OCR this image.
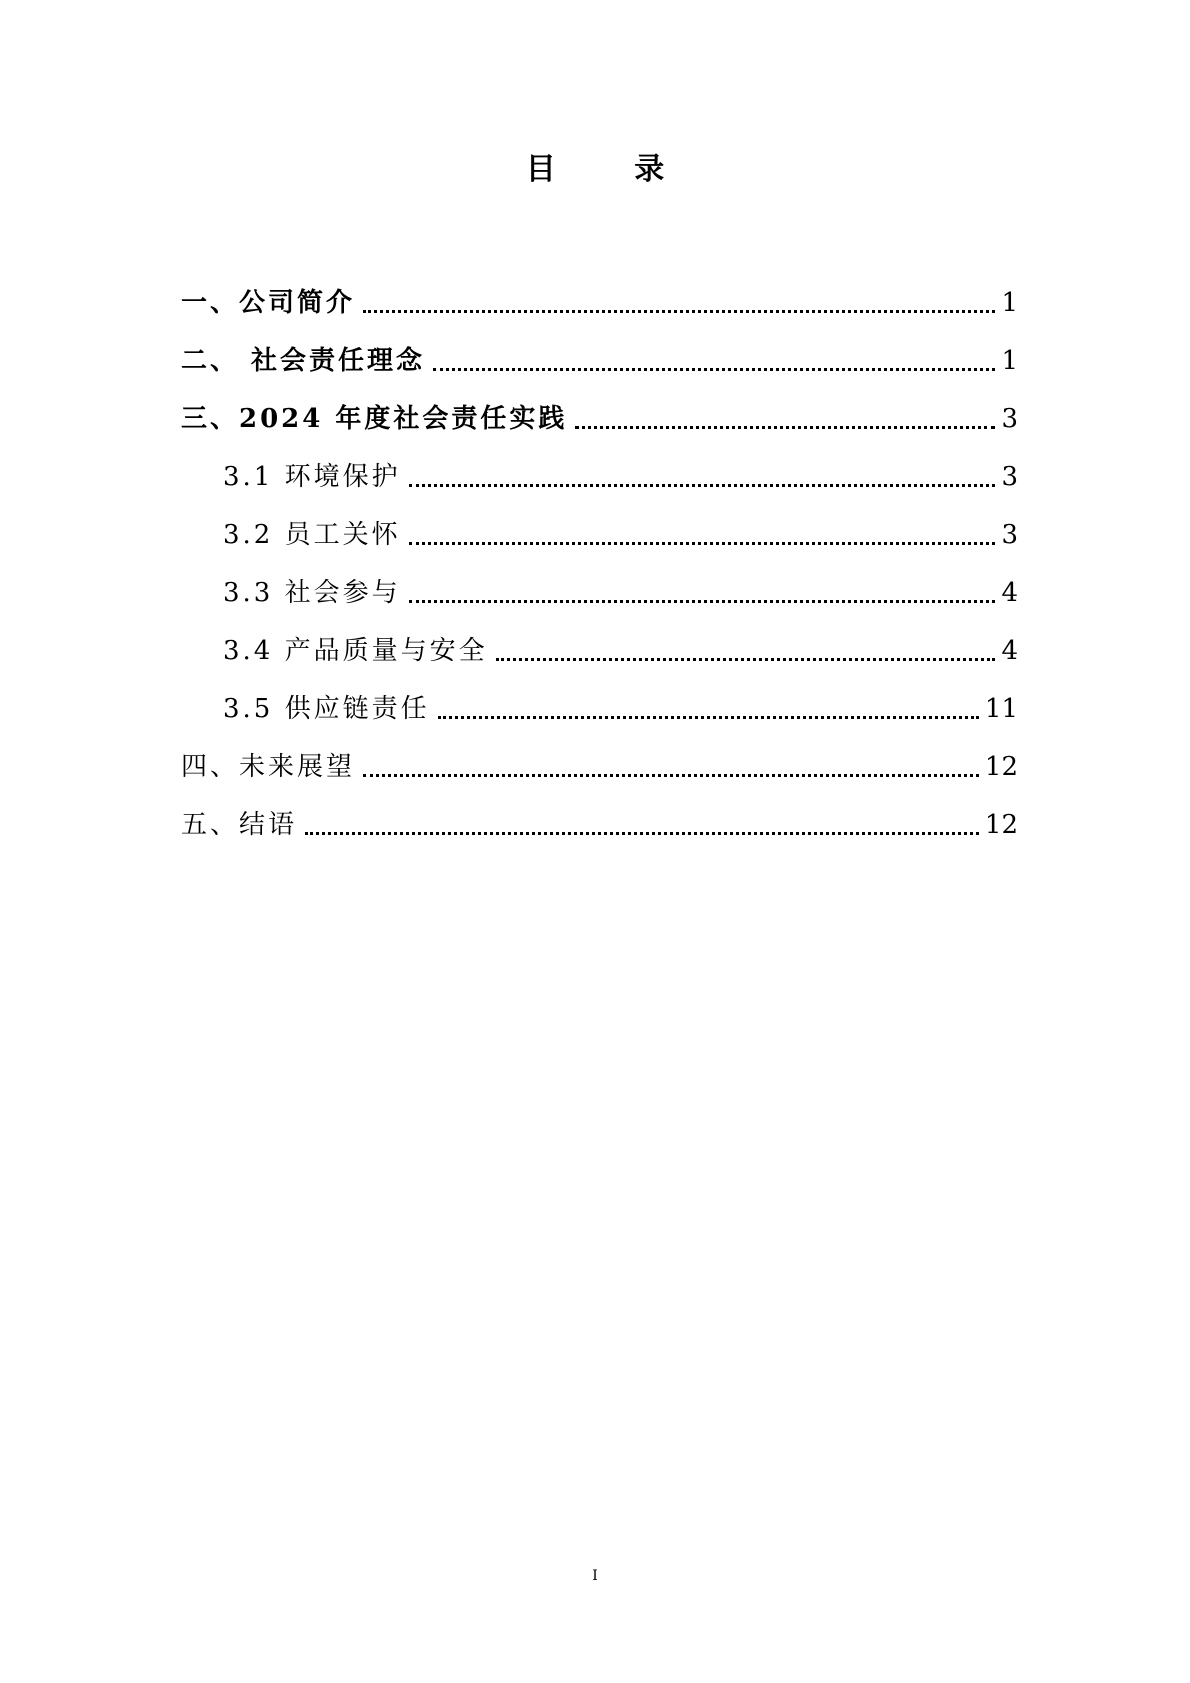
目 录
一、公司简介	1
二、 社会责任理念	1
三、2024 年度社会责任实践	3
3.1 环境保护	3
3.2 员工关怀	3
3.3 社会参与	4
3.4 产品质量与安全	4
3.5 供应链责任	11
四、未来展望	12
五、结语	12
I
